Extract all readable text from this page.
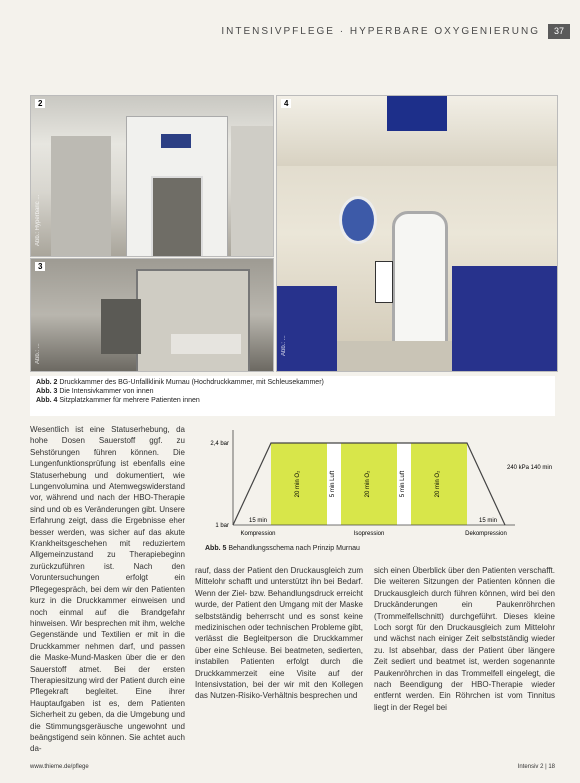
INTENSIVPFLEGE · HYPERBARE OXYGENIERUNG	37
2
Abb.: Hyperbaric ...
3
Abb.: ...
4
Abb.: ...
Abb. 2 Druckkammer des BG-Unfallklinik Murnau (Hochdruckkammer, mit Schleusekammer)
Abb. 3 Die Intensivkammer von innen
Abb. 4 Sitzplatzkammer für mehrere Patienten innen
Wesentlich ist eine Statuserhebung, da hohe Dosen Sauerstoff ggf. zu Sehstörungen führen können. Die Lungenfunktionsprüfung ist ebenfalls eine Statuserhebung und dokumentiert, wie Lungenvolumina und Atemwegswiderstand vor, während und nach der HBO-Therapie sind und ob es Veränderungen gibt. Unsere Erfahrung zeigt, dass die Ergebnisse eher besser werden, was sicher auf das akute Krankheitsgeschehen mit reduziertem Allgemeinzustand zu Therapiebeginn zurückzuführen ist. Nach den Voruntersuchungen erfolgt ein Pflegegespräch, bei dem wir den Patienten kurz in die Druckkammer einweisen und noch einmal auf die Brandgefahr hinweisen. Wir besprechen mit ihm, welche Gegenstände und Textilien er mit in die Druckkammer nehmen darf, und passen die Maske-Mund-Masken über die er den Sauerstoff atmet. Bei der ersten Therapiesitzung wird der Patient durch eine Pflegekraft begleitet. Eine ihrer Hauptaufgaben ist es, dem Patienten Sicherheit zu geben, da die Umgebung und die Stimmungsgeräusche ungewohnt und beängstigend sein können. Sie achtet auch da-
20 min O₂	5 min Luft	20 min O₂	5 min Luft	20 min O₂
2,4 bar
1 bar
240 kPa 140 min
15 min	15 min
Kompression	Isopression	Dekompression
Abb. 5 Behandlungsschema nach Prinzip Murnau
rauf, dass der Patient den Druckausgleich zum Mittelohr schafft und unterstützt ihn bei Bedarf. Wenn der Ziel- bzw. Behandlungsdruck erreicht wurde, der Patient den Umgang mit der Maske selbstständig beherrscht und es sonst keine medizinischen oder technischen Probleme gibt, verlässt die Begleitperson die Druckkammer über eine Schleuse. Bei beatmeten, sedierten, instabilen Patienten erfolgt durch die Druckkammerzeit eine Visite auf der Intensivstation, bei der wir mit den Kollegen das Nutzen-Risiko-Verhältnis besprechen und
sich einen Überblick über den Patienten verschafft. Die weiteren Sitzungen der Patienten können die Druckausgleich durch führen können, wird bei den Druckänderungen ein Paukenröhrchen (Trommelfellschnitt) durchgeführt. Dieses kleine Loch sorgt für den Druckausgleich zum Mittelohr und wächst nach einiger Zeit selbstständig wieder zu. Ist absehbar, dass der Patient über längere Zeit sediert und beatmet ist, werden sogenannte Paukenröhrchen in das Trommelfell eingelegt, die nach Beendigung der HBO-Therapie wieder entfernt werden. Ein Röhrchen ist vom Tinnitus liegt in der Regel bei
www.thieme.de/pflege	Intensiv 2 | 18
